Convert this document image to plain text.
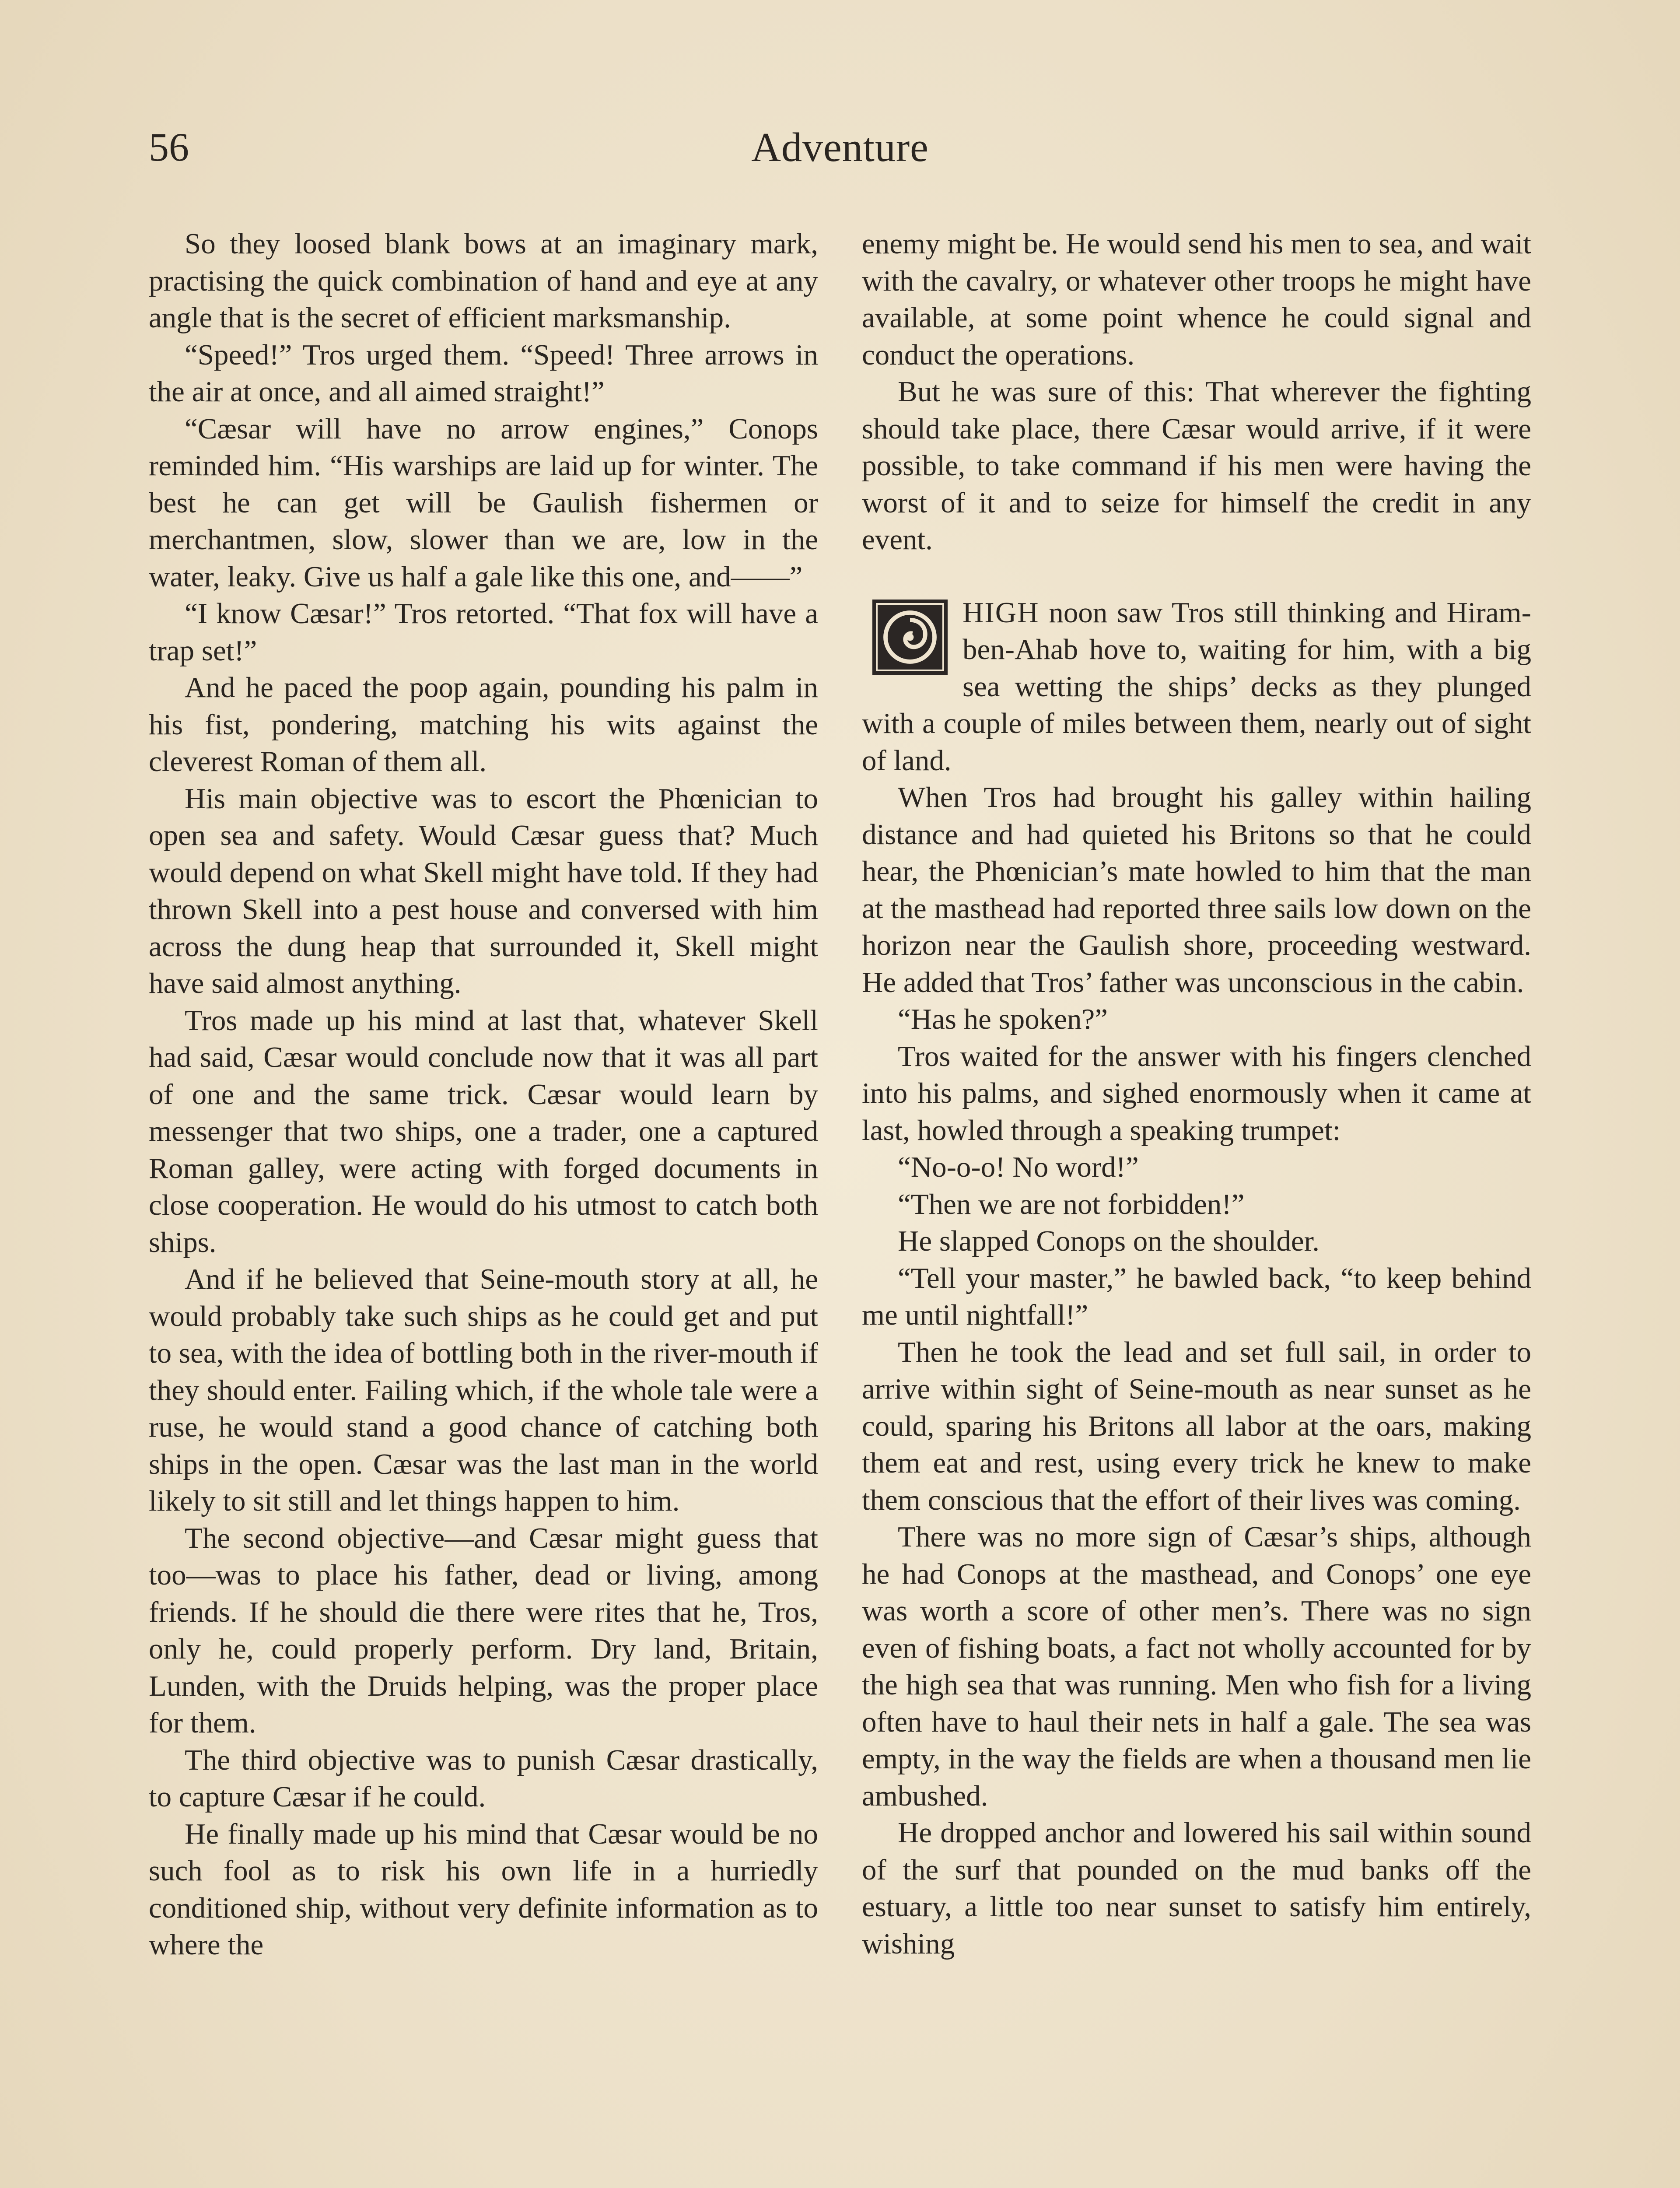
56	Adventure

So they loosed blank bows at an imaginary mark, practising the quick combination of hand and eye at any angle that is the secret of efficient marksmanship.

“Speed!” Tros urged them. “Speed! Three arrows in the air at once, and all aimed straight!”

“Cæsar will have no arrow engines,” Conops reminded him. “His warships are laid up for winter. The best he can get will be Gaulish fishermen or merchantmen, slow, slower than we are, low in the water, leaky. Give us half a gale like this one, and——”

“I know Cæsar!” Tros retorted. “That fox will have a trap set!”

And he paced the poop again, pounding his palm in his fist, pondering, matching his wits against the cleverest Roman of them all.

His main objective was to escort the Phœnician to open sea and safety. Would Cæsar guess that? Much would depend on what Skell might have told. If they had thrown Skell into a pest house and conversed with him across the dung heap that surrounded it, Skell might have said almost anything.

Tros made up his mind at last that, whatever Skell had said, Cæsar would conclude now that it was all part of one and the same trick. Cæsar would learn by messenger that two ships, one a trader, one a captured Roman galley, were acting with forged documents in close cooperation. He would do his utmost to catch both ships.

And if he believed that Seine-mouth story at all, he would probably take such ships as he could get and put to sea, with the idea of bottling both in the river-mouth if they should enter. Failing which, if the whole tale were a ruse, he would stand a good chance of catching both ships in the open. Cæsar was the last man in the world likely to sit still and let things happen to him.

The second objective—and Cæsar might guess that too—was to place his father, dead or living, among friends. If he should die there were rites that he, Tros, only he, could properly perform. Dry land, Britain, Lunden, with the Druids helping, was the proper place for them.

The third objective was to punish Cæsar drastically, to capture Cæsar if he could.

He finally made up his mind that Cæsar would be no such fool as to risk his own life in a hurriedly conditioned ship, without very definite information as to where the

enemy might be. He would send his men to sea, and wait with the cavalry, or whatever other troops he might have available, at some point whence he could signal and conduct the operations.

But he was sure of this: That wherever the fighting should take place, there Cæsar would arrive, if it were possible, to take command if his men were having the worst of it and to seize for himself the credit in any event.

HIGH noon saw Tros still thinking and Hiram-ben-Ahab hove to, waiting for him, with a big sea wetting the ships’ decks as they plunged with a couple of miles between them, nearly out of sight of land.

When Tros had brought his galley within hailing distance and had quieted his Britons so that he could hear, the Phœnician’s mate howled to him that the man at the masthead had reported three sails low down on the horizon near the Gaulish shore, proceeding westward. He added that Tros’ father was unconscious in the cabin.

“Has he spoken?”

Tros waited for the answer with his fingers clenched into his palms, and sighed enormously when it came at last, howled through a speaking trumpet:

“No-o-o! No word!”

“Then we are not forbidden!”

He slapped Conops on the shoulder.

“Tell your master,” he bawled back, “to keep behind me until nightfall!”

Then he took the lead and set full sail, in order to arrive within sight of Seine-mouth as near sunset as he could, sparing his Britons all labor at the oars, making them eat and rest, using every trick he knew to make them conscious that the effort of their lives was coming.

There was no more sign of Cæsar’s ships, although he had Conops at the masthead, and Conops’ one eye was worth a score of other men’s. There was no sign even of fishing boats, a fact not wholly accounted for by the high sea that was running. Men who fish for a living often have to haul their nets in half a gale. The sea was empty, in the way the fields are when a thousand men lie ambushed.

He dropped anchor and lowered his sail within sound of the surf that pounded on the mud banks off the estuary, a little too near sunset to satisfy him entirely, wishing
